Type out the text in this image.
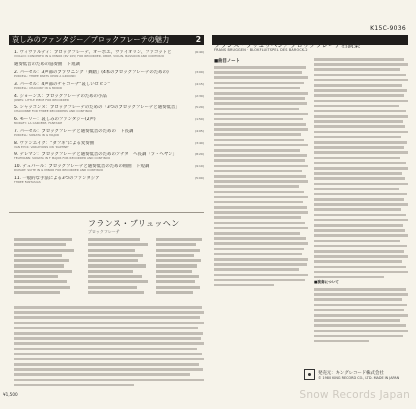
哀しみのファンタジー／ブロックフレーテの魅力	2
K15C-9036
フランス・ブリュッヘン／ブロックフレーテ名演集
FRANS BRUGGEN · BLOKFLUITSPEL DES BAROCK-2
1. ヴィヴァルディ：ブロックフレーテ、オーボエ、ヴァイオリン、ファゴットと
VIVALDI: CONCERTO IN G MINOR (RV 105) FOR RECORDER, OBOE, VIOLIN, BASSOON AND CONTINUO
(6:40)
通奏低音のための協奏曲　ト短調
2. パーセル：3声部のブラウニング「舞踏」(4本のブロックフレーテのための)
PURCELL: THREE PARTS UPON A GROUND
(3:00)
3. パーセル：4声部のチャコーナ“哀しいロビン”
PURCELL: CHACONY IN G MINOR
(4:15)
4. ジョーンズ：ブロックフレーテのための小品
JONES: LITTLE PIECE FOR RECORDER
(2:30)
5. シャッコンヌ：ブロックフレーテのための「3つのブロックフレーテと通奏低音」
CHACONNE FOR THREE RECORDERS AND CONTINUO
(5:20)
6. モーリー：哀しみのファンタジー(2声)
MORLEY: LA CARCERE, FANTASIE
(1:50)
7. パーセル：ブロックフレーテと通奏低音のための　ト長調
PURCELL: SONATA IN G MAJOR
(4:05)
8. ヴァンエイク：“ダフネ”による変奏曲
VAN EYCK: VARIATIONS ON ‘DAPHNE’
(3:40)
9. テレマン：ブロックフレーテと通奏低音のためのソナタ　ヘ長調「ラ・ヘヤン」
TELEMANN: SONATA IN F MAJOR FOR RECORDER AND CONTINUO
(8:20)
10. デュパール：ブロックフレーテと通奏低音のための組曲　ト短調
DUPART: SUITE IN G MINOR FOR RECORDER AND CONTINUO
(9:10)
11. 一般的な手法による3つのファンタジア
THREE FANTASIAS
(5:00)
フランス・ブリュッヘン
ブロックフレーテ
■曲目ノート
■演奏について
発売元：キングレコード株式会社
© 1980 KING RECORD CO., LTD. MADE IN JAPAN
¥1,500	Snow Records Japan
